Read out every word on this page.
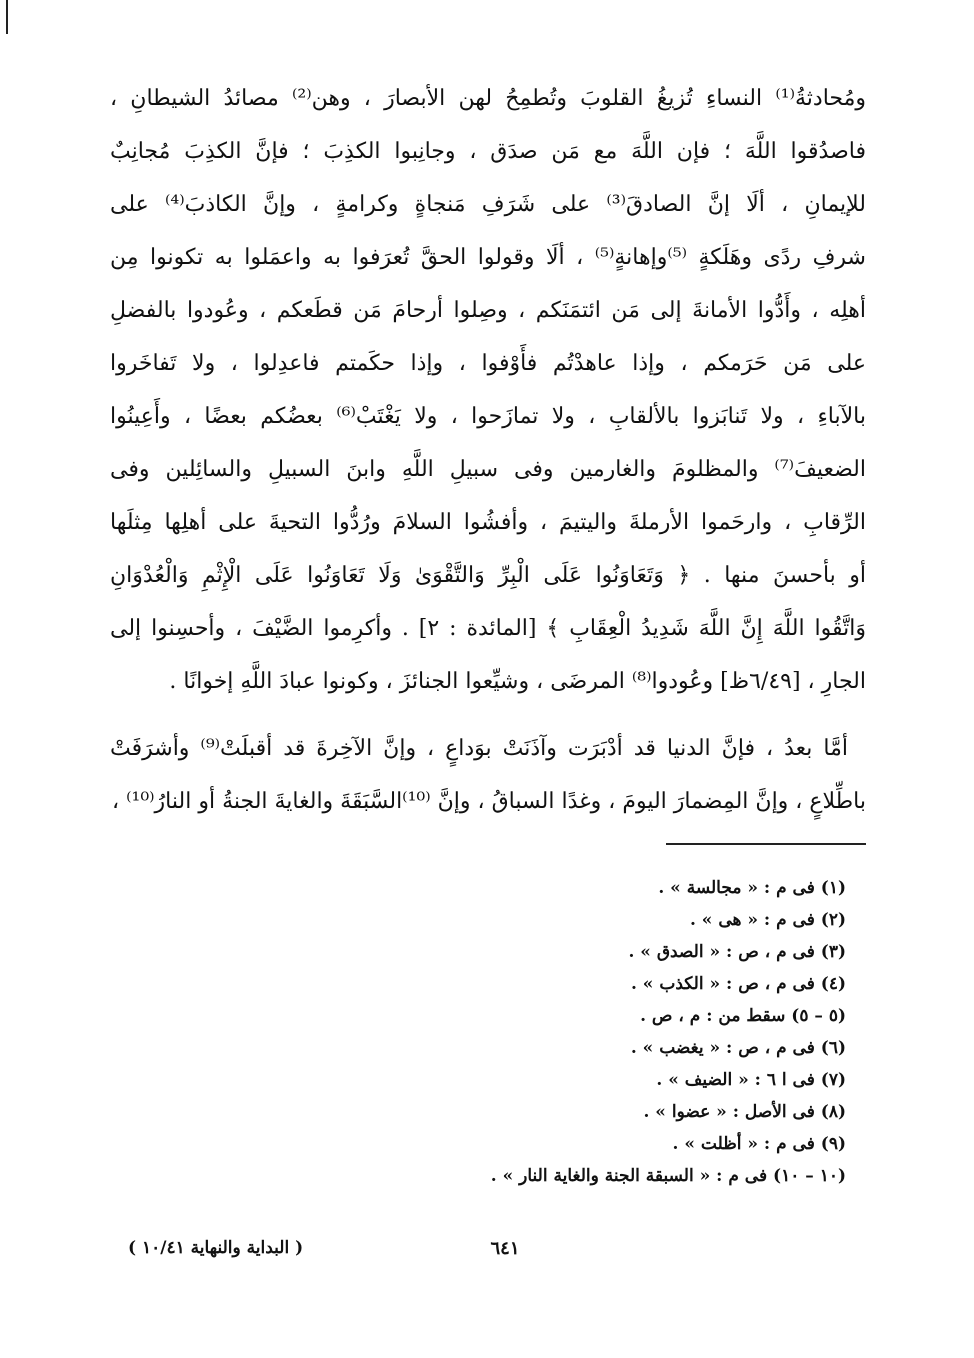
ومُحادثةُ⁽¹⁾ النساءِ تُزيغُ القلوبَ وتُطمِحُ لهن الأبصارَ ، وهن⁽²⁾ مصائدُ الشيطانِ ،
فاصدُقوا اللَّهَ ؛ فإن اللَّهَ مع مَن صدَق ، وجانِبوا الكذِبَ ؛ فإنَّ الكذِبَ مُجانِبٌ
للإيمانِ ، ألَا إنَّ الصادقَ⁽³⁾ على شَرَفِ مَنجاةٍ وكرامةٍ ، وإنَّ الكاذبَ⁽⁴⁾ على
شرفِ ردًى وهَلَكةٍ ⁽⁵⁾وإهانةٍ⁽⁵⁾ ، ألَا وقولوا الحقَّ تُعرَفوا به واعمَلوا به تكونوا مِن
أهلِه ، وأَدُّوا الأمانةَ إلى مَن ائتمَنَكم ، وصِلوا أرحامَ مَن قطَعكم ، وعُودوا بالفضلِ
على مَن حَرَمكم ، وإذا عاهدْتُم فأَوْفوا ، وإذا حكَمتم فاعدِلوا ، ولا تَفاخَروا
بالآباءِ ، ولا تَنابَزوا بالألقابِ ، ولا تمازَحوا ، ولا يَغْتَبْ⁽⁶⁾ بعضُكم بعضًا ، وأَعِينُوا
الضعيفَ⁽⁷⁾ والمظلومَ والغارمين وفى سبيلِ اللَّهِ وابنَ السبيلِ والسائِلين وفى
الرِّقابِ ، وارحَموا الأرملةَ واليتيمَ ، وأفشُوا السلامَ ورُدُّوا التحيةَ على أهلِها مِثلَها
أو بأحسنَ منها . ﴿ وَتَعَاوَنُوا عَلَى الْبِرِّ وَالتَّقْوَىٰ وَلَا تَعَاوَنُوا عَلَى الْإِثْمِ وَالْعُدْوَانِ
وَاتَّقُوا اللَّهَ إِنَّ اللَّهَ شَدِيدُ الْعِقَابِ ﴾ [المائدة : ٢] . وأكرِموا الضَّيْفَ ، وأحسِنوا إلى
الجارِ ، [٦/٤٩ظ] وعُودوا⁽⁸⁾ المرضَى ، وشيِّعوا الجنائزَ ، وكونوا عبادَ اللَّهِ إخوانًا .
أمَّا بعدُ ، فإنَّ الدنيا قد أدْبَرَت وآذَنَتْ بوَداعٍ ، وإنَّ الآخِرةَ قد أقبلَتْ⁽⁹⁾ وأشرَفَتْ
باطِّلاعٍ ، وإنَّ المِضمارَ اليومَ ، وغدًا السباقُ ، وإنَّ ⁽¹⁰⁾السَّبَقَةَ والغايةَ الجنةُ أو النارُ⁽¹⁰⁾ ،
(١) فى م : « مجالسة » .
(٢) فى م : « هى » .
(٣) فى م ، ص : « الصدق » .
(٤) فى م ، ص : « الكذب » .
(٥ – ٥) سقط من : م ، ص .
(٦) فى م ، ص : « يغضب » .
(٧) فى ا ٦ : « الضيف » .
(٨) فى الأصل : « عضوا » .
(٩) فى م : « أظلت » .
(١٠ – ١٠) فى م : « السبقة الجنة والغاية النار » .
٦٤١
( البداية والنهاية ١٠/٤١ )
